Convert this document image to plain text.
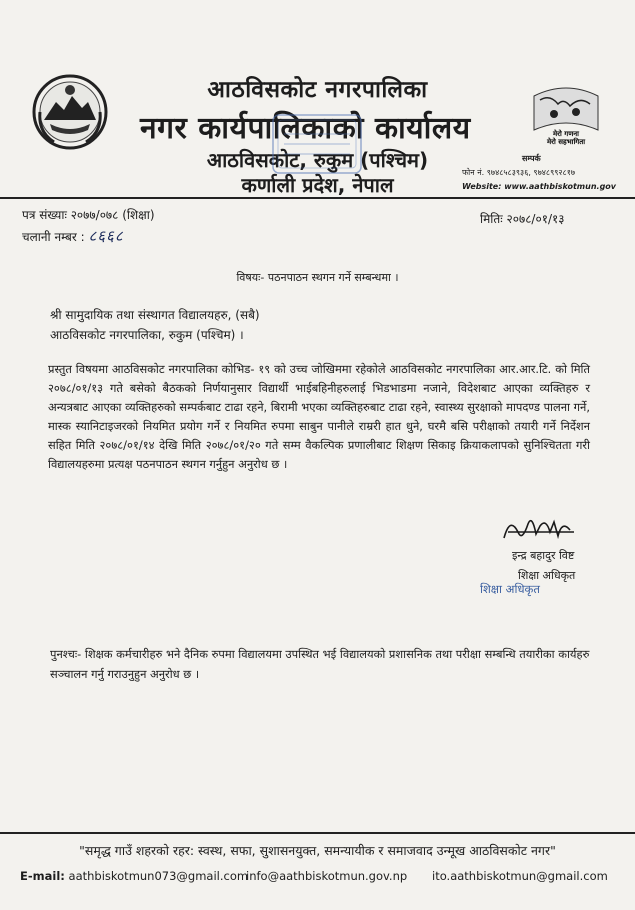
मेरो गणना
मेरो सहभागिता
आठविसकोट नगरपालिका
नगर कार्यपालिकाको कार्यालय
आठविसकोट, रुकुम (पश्चिम)
कर्णाली प्रदेश, नेपाल
सम्पर्क
फोन नं. ९७४८५८३९३६, ९७४८९९२८१७
Website: www.aathbiskotmun.gov
पत्र संख्याः २०७७/०७८ (शिक्षा)
चलानी नम्बर : ८६६८
मितिः २०७८/०१/१३
विषयः- पठनपाठन स्थगन गर्ने सम्बन्धमा ।
श्री सामुदायिक तथा संस्थागत विद्यालयहरु, (सबै)
आठविसकोट नगरपालिका, रुकुम (पश्चिम) ।
प्रस्तुत विषयमा आठविसकोट नगरपालिका कोभिड- १९ को उच्च जोखिममा रहेकोले आठविसकोट नगरपालिका आर.आर.टि. को मिति २०७८/०१/१३ गते बसेको बैठकको निर्णयानुसार विद्यार्थी भाईबहिनीहरुलाई भिडभाडमा नजाने, विदेशबाट आएका व्यक्तिहरु र अन्यत्रबाट आएका व्यक्तिहरुको सम्पर्कबाट टाढा रहने, बिरामी भएका व्यक्तिहरुबाट टाढा रहने, स्वास्थ्य सुरक्षाको मापदण्ड पालना गर्ने, मास्क स्यानिटाइजरको नियमित प्रयोग गर्ने र नियमित रुपमा साबुन पानीले राम्ररी हात धुने, घरमै बसि परीक्षाको तयारी गर्ने निर्देशन सहित मिति २०७८/०१/१४ देखि मिति २०७८/०१/२० गते सम्म वैकल्पिक प्रणालीबाट शिक्षण सिकाइ क्रियाकलापको सुनिश्चितता गरी विद्यालयहरुमा प्रत्यक्ष पठनपाठन स्थगन गर्नुहुन अनुरोध छ ।
इन्द्र बहादुर विष्ट
शिक्षा अधिकृत
शिक्षा अधिकृत
पुनश्चः- शिक्षक कर्मचारीहरु भने दैनिक रुपमा विद्यालयमा उपस्थित भई विद्यालयको प्रशासनिक तथा परीक्षा सम्बन्धि तयारीका कार्यहरु सञ्चालन गर्नु गराउनुहुन अनुरोध छ ।
"समृद्ध गाउँ शहरको रहर: स्वस्थ, सफा, सुशासनयुक्त, समन्यायीक र समाजवाद उन्मूख आठविसकोट नगर"
E-mail: aathbiskotmun073@gmail.com
info@aathbiskotmun.gov.np ito.aathbiskotmun@gmail.com
